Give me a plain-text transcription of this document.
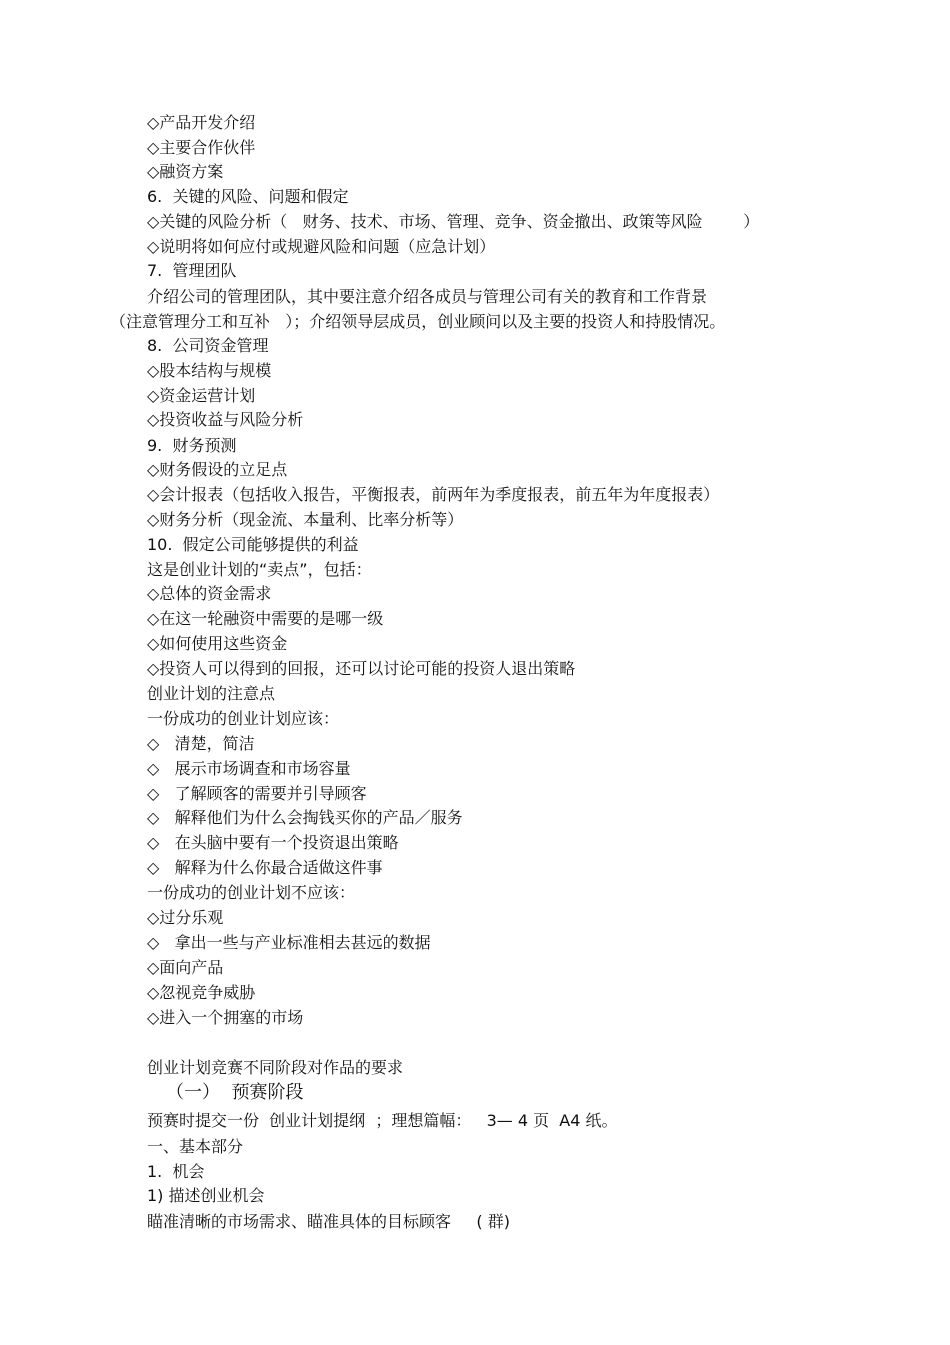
◇产品开发介绍
◇主要合作伙伴
◇融资方案
6.  关键的风险、问题和假定
◇关键的风险分析（   财务、技术、市场、管理、竞争、资金撤出、政策等风险        ）
◇说明将如何应付或规避风险和问题（应急计划）
7.  管理团队
介绍公司的管理团队，其中要注意介绍各成员与管理公司有关的教育和工作背景
（注意管理分工和互补   ）；介绍领导层成员，创业顾问以及主要的投资人和持股情况。
8.  公司资金管理
◇股本结构与规模
◇资金运营计划
◇投资收益与风险分析
9.  财务预测
◇财务假设的立足点
◇会计报表（包括收入报告，平衡报表，前两年为季度报表，前五年为年度报表）
◇财务分析（现金流、本量利、比率分析等）
10.  假定公司能够提供的利益
这是创业计划的“卖点”，包括：
◇总体的资金需求
◇在这一轮融资中需要的是哪一级
◇如何使用这些资金
◇投资人可以得到的回报，还可以讨论可能的投资人退出策略
创业计划的注意点
一份成功的创业计划应该：
◇   清楚，简洁
◇   展示市场调查和市场容量
◇   了解顾客的需要并引导顾客
◇   解释他们为什么会掏钱买你的产品／服务
◇   在头脑中要有一个投资退出策略
◇   解释为什么你最合适做这件事
一份成功的创业计划不应该：
◇过分乐观
◇   拿出一些与产业标准相去甚远的数据
◇面向产品
◇忽视竞争威胁
◇进入一个拥塞的市场
创业计划竞赛不同阶段对作品的要求
（一）  预赛阶段
预赛时提交一份  创业计划提纲  ；理想篇幅：   3— 4 页  A4 纸。
一、基本部分
1.  机会
1) 描述创业机会
瞄准清晰的市场需求、瞄准具体的目标顾客     ( 群)
